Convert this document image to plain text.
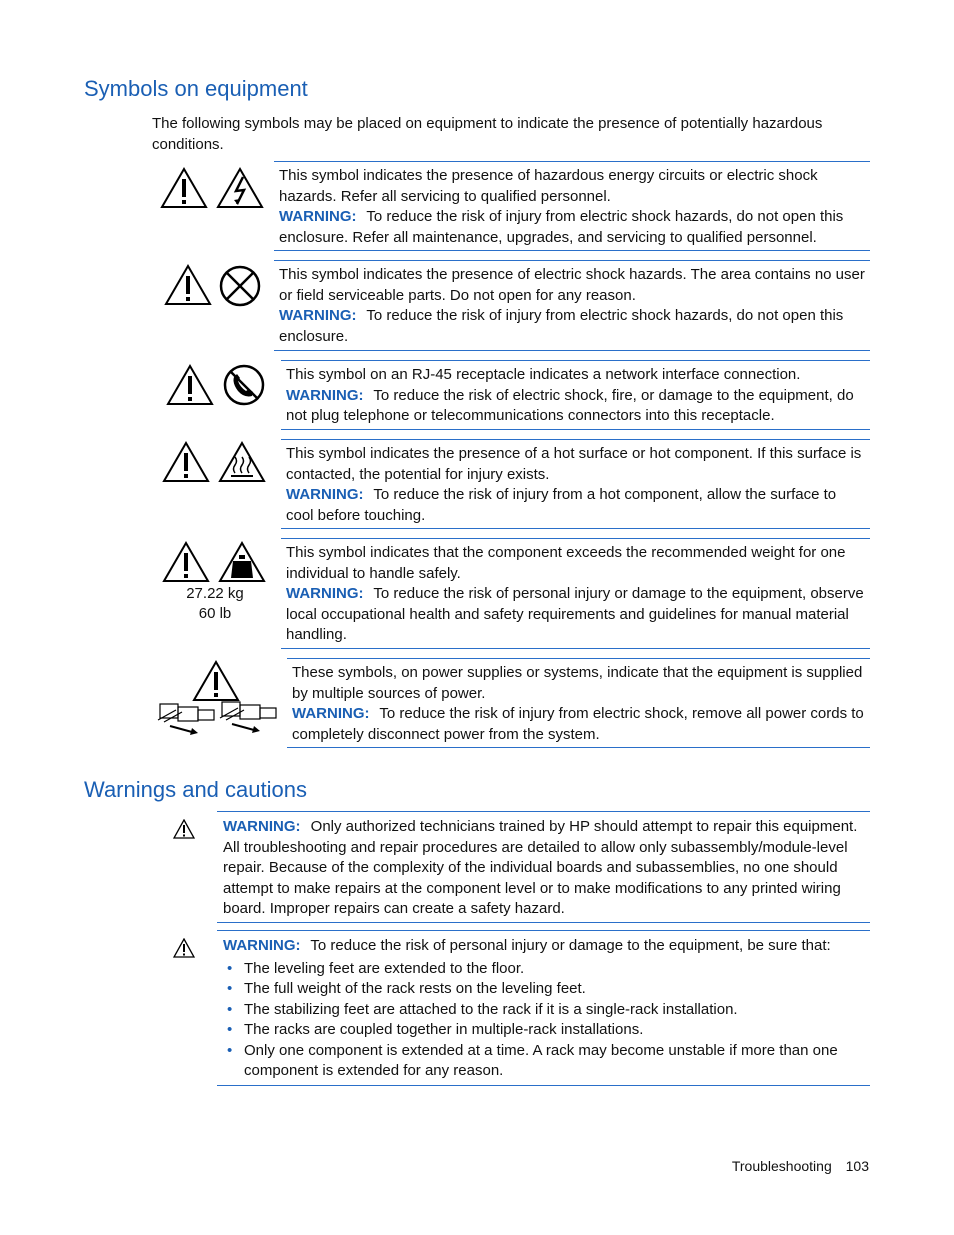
Symbols on equipment
The following symbols may be placed on equipment to indicate the presence of potentially hazardous conditions.
This symbol indicates the presence of hazardous energy circuits or electric shock hazards. Refer all servicing to qualified personnel.
WARNING: To reduce the risk of injury from electric shock hazards, do not open this enclosure. Refer all maintenance, upgrades, and servicing to qualified personnel.
This symbol indicates the presence of electric shock hazards. The area contains no user or field serviceable parts. Do not open for any reason.
WARNING: To reduce the risk of injury from electric shock hazards, do not open this enclosure.
This symbol on an RJ-45 receptacle indicates a network interface connection.
WARNING: To reduce the risk of electric shock, fire, or damage to the equipment, do not plug telephone or telecommunications connectors into this receptacle.
This symbol indicates the presence of a hot surface or hot component. If this surface is contacted, the potential for injury exists.
WARNING: To reduce the risk of injury from a hot component, allow the surface to cool before touching.
27.22 kg
60 lb
This symbol indicates that the component exceeds the recommended weight for one individual to handle safely.
WARNING: To reduce the risk of personal injury or damage to the equipment, observe local occupational health and safety requirements and guidelines for manual material handling.
These symbols, on power supplies or systems, indicate that the equipment is supplied by multiple sources of power.
WARNING: To reduce the risk of injury from electric shock, remove all power cords to completely disconnect power from the system.
Warnings and cautions
WARNING: Only authorized technicians trained by HP should attempt to repair this equipment. All troubleshooting and repair procedures are detailed to allow only subassembly/module-level repair. Because of the complexity of the individual boards and subassemblies, no one should attempt to make repairs at the component level or to make modifications to any printed wiring board. Improper repairs can create a safety hazard.
WARNING: To reduce the risk of personal injury or damage to the equipment, be sure that:
• The leveling feet are extended to the floor.
• The full weight of the rack rests on the leveling feet.
• The stabilizing feet are attached to the rack if it is a single-rack installation.
• The racks are coupled together in multiple-rack installations.
• Only one component is extended at a time. A rack may become unstable if more than one component is extended for any reason.
Troubleshooting 103
